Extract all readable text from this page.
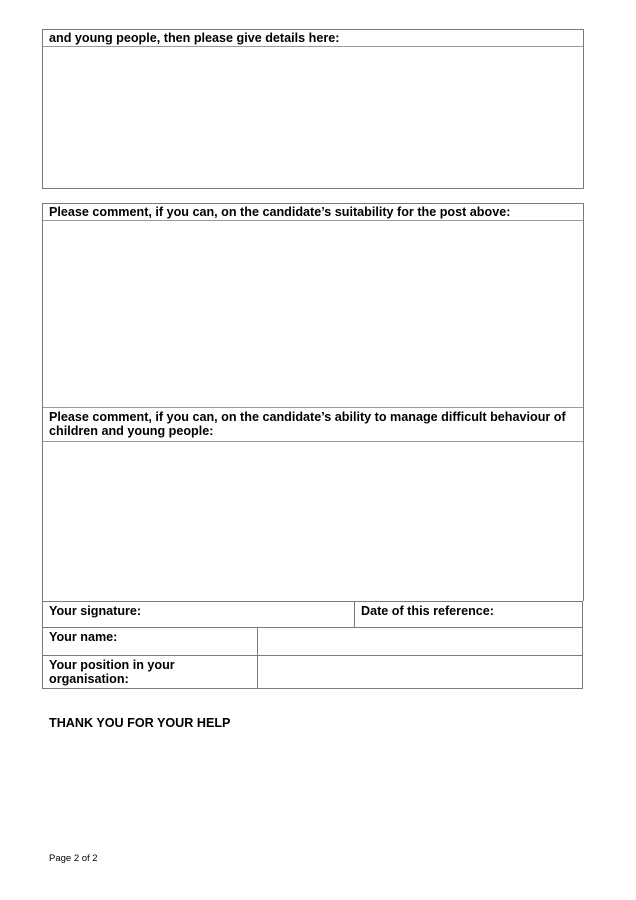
and young people, then please give details here:
Please comment, if you can, on the candidate’s suitability for the post above:
Please comment, if you can, on the candidate’s ability to manage difficult behaviour of children and young people:
Your signature:		Date of this reference:
Your name:		
Your position in your organisation:		
THANK YOU FOR YOUR HELP
Page 2 of 2
